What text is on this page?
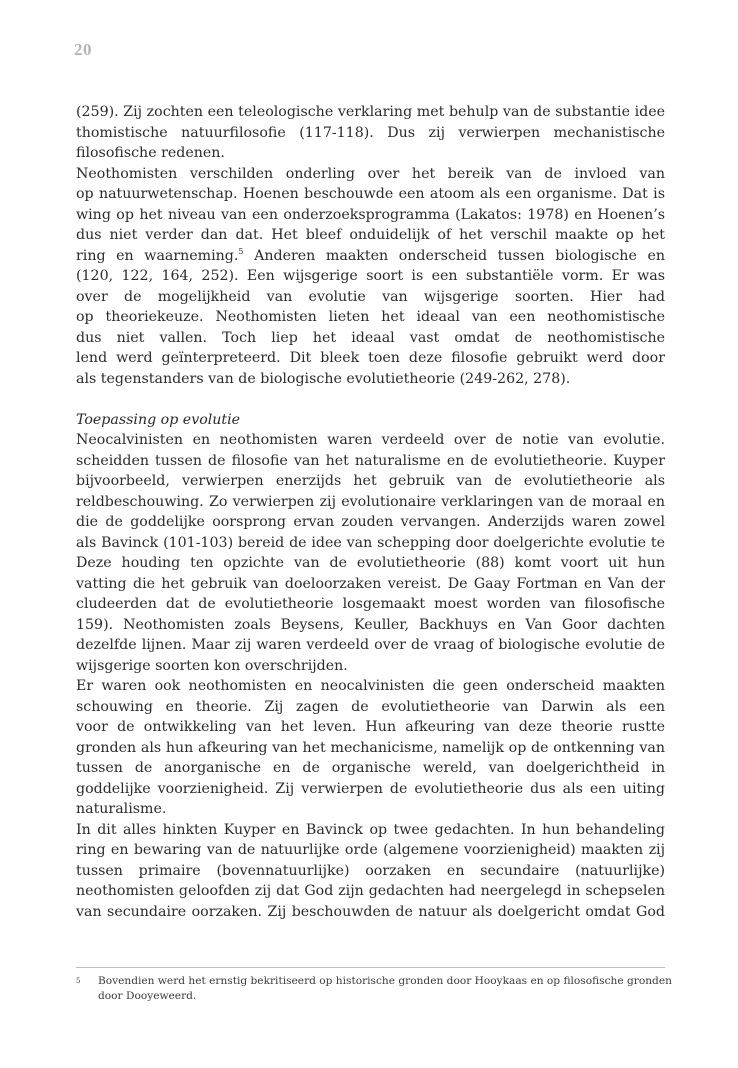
20
(259). Zij zochten een teleologische verklaring met behulp van de substantie idee
thomistische natuurfilosofie (117-118). Dus zij verwierpen mechanistische
filosofische redenen.
Neothomisten verschilden onderling over het bereik van de invloed van
op natuurwetenschap. Hoenen beschouwde een atoom als een organisme. Dat is
wing op het niveau van een onderzoeksprogramma (Lakatos: 1978) en Hoenen’s
dus niet verder dan dat. Het bleef onduidelijk of het verschil maakte op het
ring en waarneming.$^5$ Anderen maakten onderscheid tussen biologische en
(120, 122, 164, 252). Een wijsgerige soort is een substantiële vorm. Er was
over de mogelijkheid van evolutie van wijsgerige soorten. Hier had
op theoriekeuze. Neothomisten lieten het ideaal van een neothomistische
dus niet vallen. Toch liep het ideaal vast omdat de neothomistische
lend werd geïnterpreteerd. Dit bleek toen deze filosofie gebruikt werd door
als tegenstanders van de biologische evolutietheorie (249-262, 278).
Toepassing op evolutie
Neocalvinisten en neothomisten waren verdeeld over de notie van evolutie.
scheidden tussen de filosofie van het naturalisme en de evolutietheorie. Kuyper
bijvoorbeeld, verwierpen enerzijds het gebruik van de evolutietheorie als
reldbeschouwing. Zo verwierpen zij evolutionaire verklaringen van de moraal en
die de goddelijke oorsprong ervan zouden vervangen. Anderzijds waren zowel
als Bavinck (101-103) bereid de idee van schepping door doelgerichte evolutie te
Deze houding ten opzichte van de evolutietheorie (88) komt voort uit hun
vatting die het gebruik van doeloorzaken vereist. De Gaay Fortman en Van der
cludeerden dat de evolutietheorie losgemaakt moest worden van filosofische
159). Neothomisten zoals Beysens, Keuller, Backhuys en Van Goor dachten
dezelfde lijnen. Maar zij waren verdeeld over de vraag of biologische evolutie de
wijsgerige soorten kon overschrijden.
Er waren ook neothomisten en neocalvinisten die geen onderscheid maakten
schouwing en theorie. Zij zagen de evolutietheorie van Darwin als een
voor de ontwikkeling van het leven. Hun afkeuring van deze theorie rustte
gronden als hun afkeuring van het mechanicisme, namelijk op de ontkenning van
tussen de anorganische en de organische wereld, van doelgerichtheid in
goddelijke voorzienigheid. Zij verwierpen de evolutietheorie dus als een uiting
naturalisme.
In dit alles hinkten Kuyper en Bavinck op twee gedachten. In hun behandeling
ring en bewaring van de natuurlijke orde (algemene voorzienigheid) maakten zij
tussen primaire (bovennatuurlijke) oorzaken en secundaire (natuurlijke)
neothomisten geloofden zij dat God zijn gedachten had neergelegd in schepselen
van secundaire oorzaken. Zij beschouwden de natuur als doelgericht omdat God
5 Bovendien werd het ernstig bekritiseerd op historische gronden door Hooykaas en op filosofische gronden
door Dooyeweerd.
